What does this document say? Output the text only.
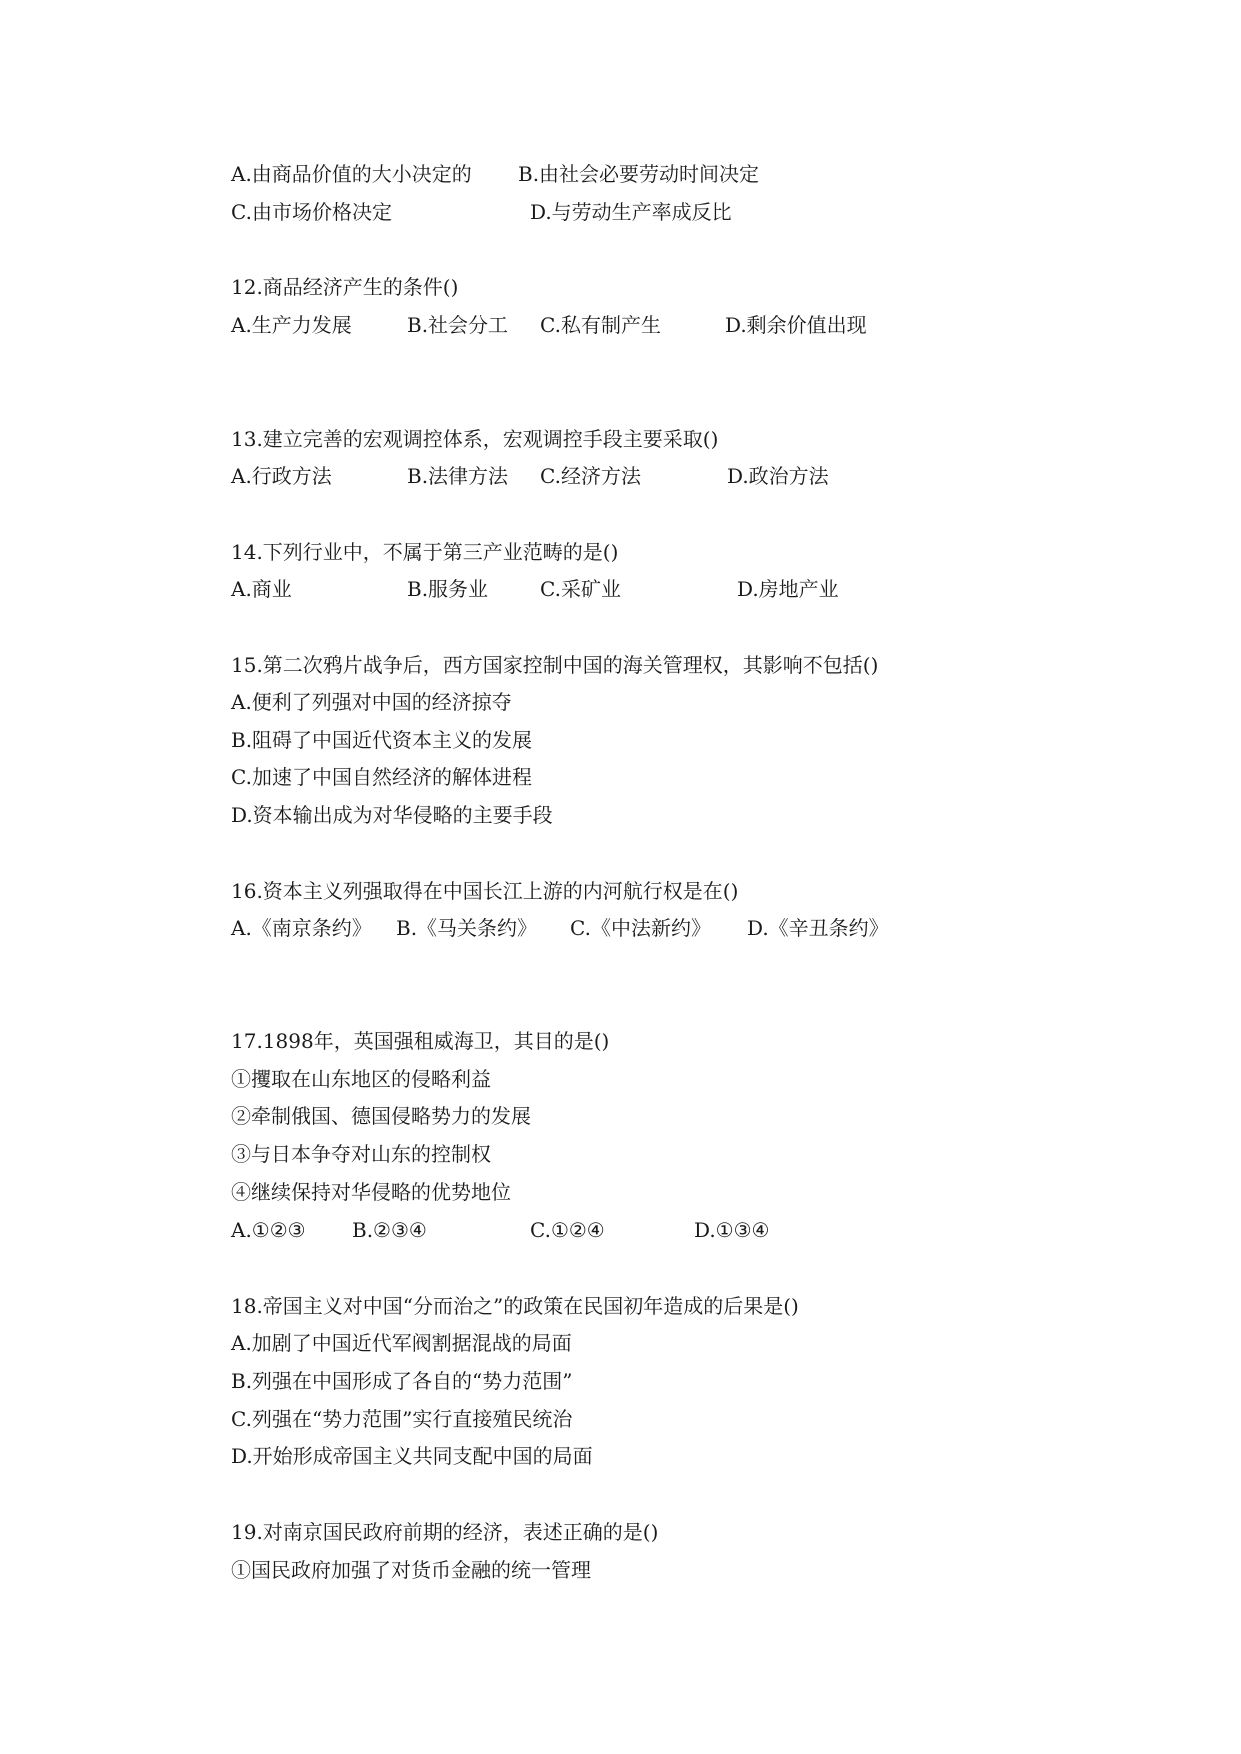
A.由商品价值的大小决定的 B.由社会必要劳动时间决定
C.由市场价格决定	D.与劳动生产率成反比
12.商品经济产生的条件()
A.生产力发展	B.社会分工 C.私有制产生	D.剩余价值出现
13.建立完善的宏观调控体系，宏观调控手段主要采取()
A.行政方法	B.法律方法 C.经济方法	D.政治方法
14.下列行业中，不属于第三产业范畴的是()
A.商业	B.服务业	C.采矿业	D.房地产业
15.第二次鸦片战争后，西方国家控制中国的海关管理权，其影响不包括()
A.便利了列强对中国的经济掠夺
B.阻碍了中国近代资本主义的发展
C.加速了中国自然经济的解体进程
D.资本输出成为对华侵略的主要手段
16.资本主义列强取得在中国长江上游的内河航行权是在()
A.《南京条约》 B.《马关条约》 C.《中法新约》 D.《辛丑条约》
17.1898年，英国强租威海卫，其目的是()
①攫取在山东地区的侵略利益
②牵制俄国、德国侵略势力的发展
③与日本争夺对山东的控制权
④继续保持对华侵略的优势地位
A.①②③ B.②③④	C.①②④	D.①③④
18.帝国主义对中国“分而治之”的政策在民国初年造成的后果是()
A.加剧了中国近代军阀割据混战的局面
B.列强在中国形成了各自的“势力范围”
C.列强在“势力范围”实行直接殖民统治
D.开始形成帝国主义共同支配中国的局面
19.对南京国民政府前期的经济，表述正确的是()
①国民政府加强了对货币金融的统一管理
